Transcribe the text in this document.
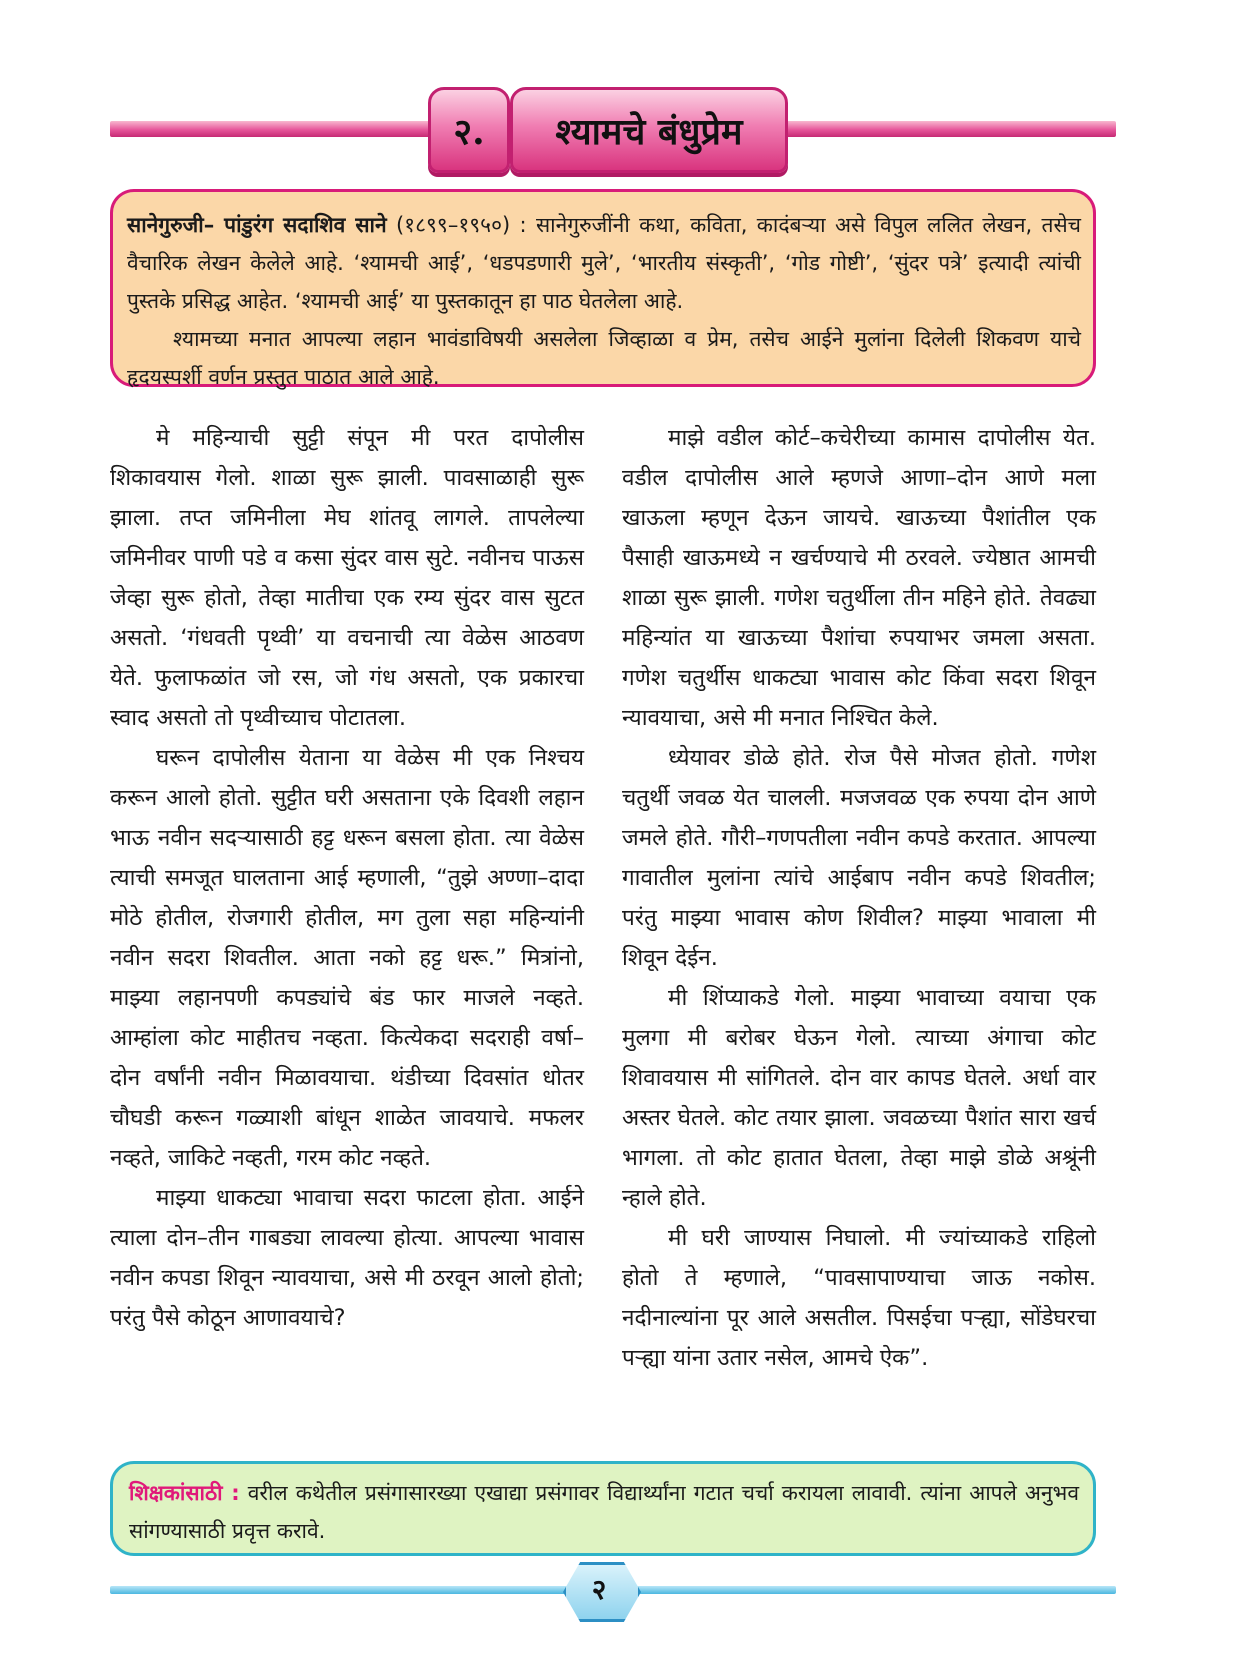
२.	श्यामचे बंधुप्रेम

सानेगुरुजी– पांडुरंग सदाशिव साने (१८९९–१९५०) : सानेगुरुजींनी कथा, कविता, कादंबऱ्या असे विपुल ललित लेखन, तसेच वैचारिक लेखन केलेले आहे. ‘श्यामची आई’, ‘धडपडणारी मुले’, ‘भारतीय संस्कृती’, ‘गोड गोष्टी’, ‘सुंदर पत्रे’ इत्यादी त्यांची पुस्तके प्रसिद्ध आहेत. ‘श्यामची आई’ या पुस्तकातून हा पाठ घेतलेला आहे.

श्यामच्या मनात आपल्या लहान भावंडाविषयी असलेला जिव्हाळा व प्रेम, तसेच आईने मुलांना दिलेली शिकवण याचे हृदयस्पर्शी वर्णन प्रस्तुत पाठात आले आहे.

मे महिन्याची सुट्टी संपून मी परत दापोलीस शिकावयास गेलो. शाळा सुरू झाली. पावसाळाही सुरू झाला. तप्त जमिनीला मेघ शांतवू लागले. तापलेल्या जमिनीवर पाणी पडे व कसा सुंदर वास सुटे. नवीनच पाऊस जेव्हा सुरू होतो, तेव्हा मातीचा एक रम्य सुंदर वास सुटत असतो. ‘गंधवती पृथ्वी’ या वचनाची त्या वेळेस आठवण येते. फुलाफळांत जो रस, जो गंध असतो, एक प्रकारचा स्वाद असतो तो पृथ्वीच्याच पोटातला.

घरून दापोलीस येताना या वेळेस मी एक निश्चय करून आलो होतो. सुट्टीत घरी असताना एके दिवशी लहान भाऊ नवीन सदऱ्यासाठी हट्ट धरून बसला होता. त्या वेळेस त्याची समजूत घालताना आई म्हणाली, “तुझे अण्णा–दादा मोठे होतील, रोजगारी होतील, मग तुला सहा महिन्यांनी नवीन सदरा शिवतील. आता नको हट्ट धरू.” मित्रांनो, माझ्या लहानपणी कपड्यांचे बंड फार माजले नव्हते. आम्हांला कोट माहीतच नव्हता. कित्येकदा सदराही वर्षा–दोन वर्षांनी नवीन मिळावयाचा. थंडीच्या दिवसांत धोतर चौघडी करून गळ्याशी बांधून शाळेत जावयाचे. मफलर नव्हते, जाकिटे नव्हती, गरम कोट नव्हते.

माझ्या धाकट्या भावाचा सदरा फाटला होता. आईने त्याला दोन–तीन गाबड्या लावल्या होत्या. आपल्या भावास नवीन कपडा शिवून न्यावयाचा, असे मी ठरवून आलो होतो; परंतु पैसे कोठून आणावयाचे?

माझे वडील कोर्ट–कचेरीच्या कामास दापोलीस येत. वडील दापोलीस आले म्हणजे आणा–दोन आणे मला खाऊला म्हणून देऊन जायचे. खाऊच्या पैशांतील एक पैसाही खाऊमध्ये न खर्चण्याचे मी ठरवले. ज्येष्ठात आमची शाळा सुरू झाली. गणेश चतुर्थीला तीन महिने होते. तेवढ्या महिन्यांत या खाऊच्या पैशांचा रुपयाभर जमला असता. गणेश चतुर्थीस धाकट्या भावास कोट किंवा सदरा शिवून न्यावयाचा, असे मी मनात निश्चित केले.

ध्येयावर डोळे होते. रोज पैसे मोजत होतो. गणेश चतुर्थी जवळ येत चालली. मजजवळ एक रुपया दोन आणे जमले होते. गौरी–गणपतीला नवीन कपडे करतात. आपल्या गावातील मुलांना त्यांचे आईबाप नवीन कपडे शिवतील; परंतु माझ्या भावास कोण शिवील? माझ्या भावाला मी शिवून देईन.

मी शिंप्याकडे गेलो. माझ्या भावाच्या वयाचा एक मुलगा मी बरोबर घेऊन गेलो. त्याच्या अंगाचा कोट शिवावयास मी सांगितले. दोन वार कापड घेतले. अर्धा वार अस्तर घेतले. कोट तयार झाला. जवळच्या पैशांत सारा खर्च भागला. तो कोट हातात घेतला, तेव्हा माझे डोळे अश्रूंनी न्हाले होते.

मी घरी जाण्यास निघालो. मी ज्यांच्याकडे राहिलो होतो ते म्हणाले, “पावसापाण्याचा जाऊ नकोस. नदीनाल्यांना पूर आले असतील. पिसईचा पऱ्ह्या, सोंडेघरचा पऱ्ह्या यांना उतार नसेल, आमचे ऐक”.

शिक्षकांसाठी : वरील कथेतील प्रसंगासारख्या एखाद्या प्रसंगावर विद्यार्थ्यांना गटात चर्चा करायला लावावी. त्यांना आपले अनुभव सांगण्यासाठी प्रवृत्त करावे.
२
